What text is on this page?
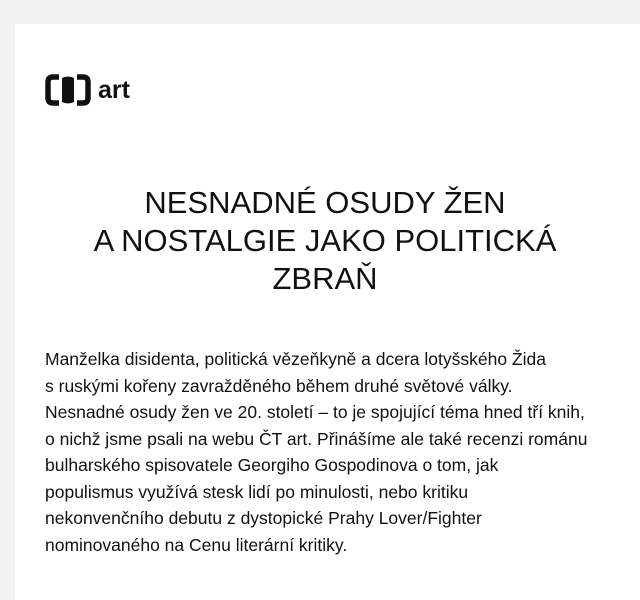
art
NESNADNÉ OSUDY ŽEN
A NOSTALGIE JAKO POLITICKÁ
ZBRAŇ

Manželka disidenta, politická vězeňkyně a dcera lotyšského Žida
s ruskými kořeny zavražděného během druhé světové války.
Nesnadné osudy žen ve 20. století – to je spojující téma hned tří knih,
o nichž jsme psali na webu ČT art. Přinášíme ale také recenzi románu
bulharského spisovatele Georgiho Gospodinova o tom, jak
populismus využívá stesk lidí po minulosti, nebo kritiku
nekonvenčního debutu z dystopické Prahy Lover/Fighter
nominovaného na Cenu literární kritiky.
